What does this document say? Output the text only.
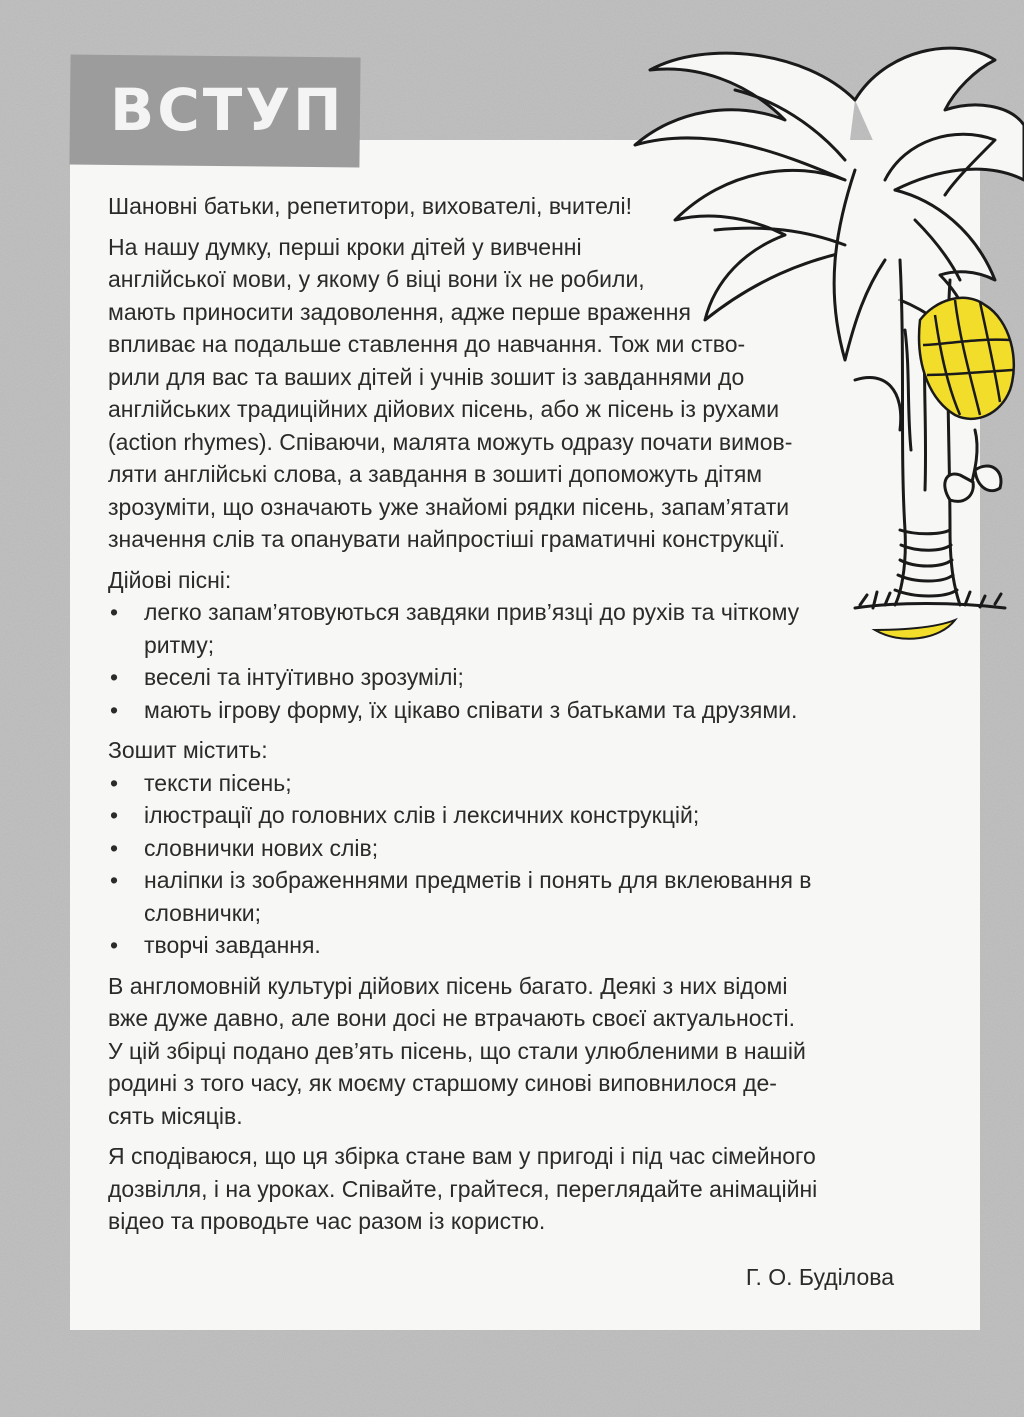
ВСТУП

Шановні батьки, репетитори, вихователі, вчителі!

На нашу думку, перші кроки дітей у вивченні
англійської мови, у якому б віці вони їх не робили,
мають приносити задоволення, адже перше враження
впливає на подальше ставлення до навчання. Тож ми ство-
рили для вас та ваших дітей і учнів зошит із завданнями до
англійських традиційних дійових пісень, або ж пісень із рухами
(action rhymes). Співаючи, малята можуть одразу почати вимов-
ляти англійські слова, а завдання в зошиті допоможуть дітям
зрозуміти, що означають уже знайомі рядки пісень, запам’ятати
значення слів та опанувати найпростіші граматичні конструкції.

Дійові пісні:

• легко запам’ятовуються завдяки прив’язці до рухів та чіткому ритму;
• веселі та інтуїтивно зрозумілі;
• мають ігрову форму, їх цікаво співати з батьками та друзями.

Зошит містить:

• тексти пісень;
• ілюстрації до головних слів і лексичних конструкцій;
• словнички нових слів;
• наліпки із зображеннями предметів і понять для вклеювання в словнички;
• творчі завдання.

В англомовній культурі дійових пісень багато. Деякі з них відомі
вже дуже давно, але вони досі не втрачають своєї актуальності.
У цій збірці подано дев’ять пісень, що стали улюбленими в нашій
родині з того часу, як моєму старшому синові виповнилося де-
сять місяців.

Я сподіваюся, що ця збірка стане вам у пригоді і під час сімейного
дозвілля, і на уроках. Співайте, грайтеся, переглядайте анімаційні
відео та проводьте час разом із користю.

Г. О. Буділова
